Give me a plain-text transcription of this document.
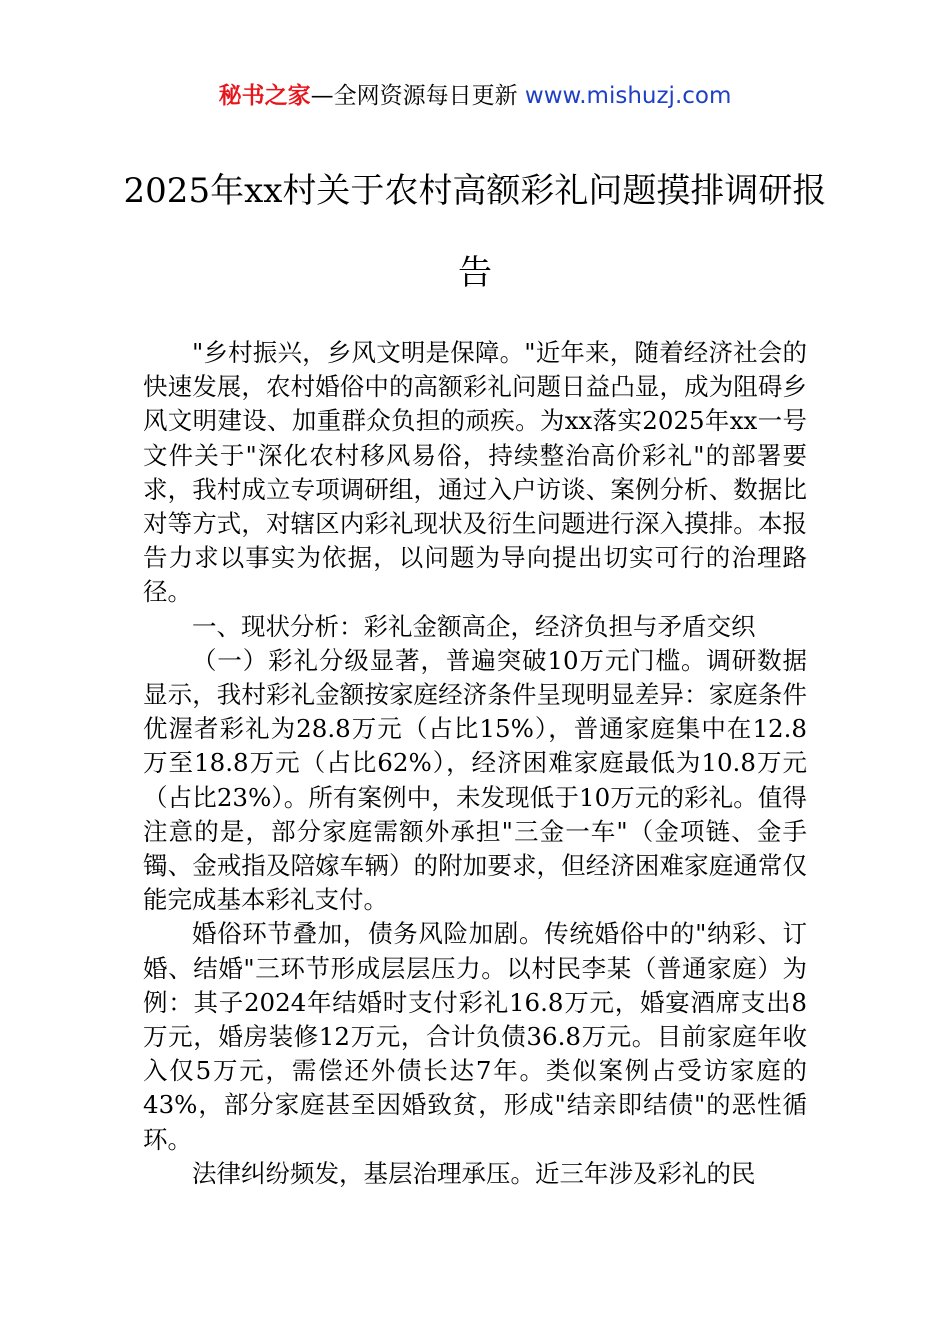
秘书之家—全网资源每日更新 www.mishuzj.com
2025年xx村关于农村高额彩礼问题摸排调研报告

"乡村振兴，乡风文明是保障。"近年来，随着经济社会的快速发展，农村婚俗中的高额彩礼问题日益凸显，成为阻碍乡风文明建设、加重群众负担的顽疾。为xx落实2025年xx一号文件关于"深化农村移风易俗，持续整治高价彩礼"的部署要求，我村成立专项调研组，通过入户访谈、案例分析、数据比对等方式，对辖区内彩礼现状及衍生问题进行深入摸排。本报告力求以事实为依据，以问题为导向提出切实可行的治理路径。

一、现状分析：彩礼金额高企，经济负担与矛盾交织

（一）彩礼分级显著，普遍突破10万元门槛。调研数据显示，我村彩礼金额按家庭经济条件呈现明显差异：家庭条件优渥者彩礼为28.8万元（占比15%），普通家庭集中在12.8万至18.8万元（占比62%），经济困难家庭最低为10.8万元（占比23%）。所有案例中，未发现低于10万元的彩礼。值得注意的是，部分家庭需额外承担"三金一车"（金项链、金手镯、金戒指及陪嫁车辆）的附加要求，但经济困难家庭通常仅能完成基本彩礼支付。

婚俗环节叠加，债务风险加剧。传统婚俗中的"纳彩、订婚、结婚"三环节形成层层压力。以村民李某（普通家庭）为例：其子2024年结婚时支付彩礼16.8万元，婚宴酒席支出8万元，婚房装修12万元，合计负债36.8万元。目前家庭年收入仅5万元，需偿还外债长达7年。类似案例占受访家庭的43%，部分家庭甚至因婚致贫，形成"结亲即结债"的恶性循环。

法律纠纷频发，基层治理承压。近三年涉及彩礼的民
